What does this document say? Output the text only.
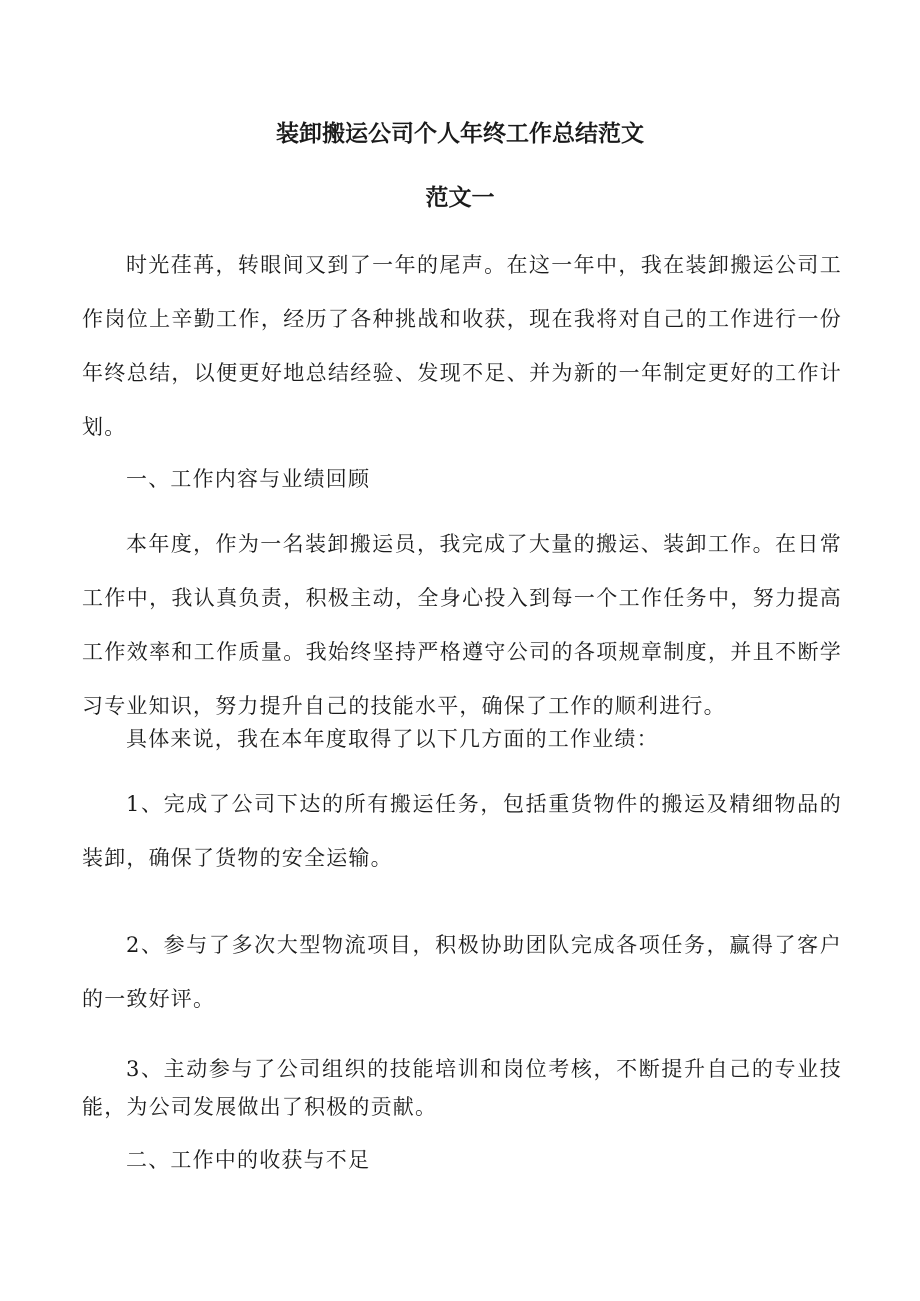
装卸搬运公司个人年终工作总结范文
范文一

时光荏苒，转眼间又到了一年的尾声。在这一年中，我在装卸搬运公司工作岗位上辛勤工作，经历了各种挑战和收获，现在我将对自己的工作进行一份年终总结，以便更好地总结经验、发现不足、并为新的一年制定更好的工作计划。

一、工作内容与业绩回顾

本年度，作为一名装卸搬运员，我完成了大量的搬运、装卸工作。在日常工作中，我认真负责，积极主动，全身心投入到每一个工作任务中，努力提高工作效率和工作质量。我始终坚持严格遵守公司的各项规章制度，并且不断学习专业知识，努力提升自己的技能水平，确保了工作的顺利进行。

具体来说，我在本年度取得了以下几方面的工作业绩：

1、完成了公司下达的所有搬运任务，包括重货物件的搬运及精细物品的装卸，确保了货物的安全运输。

2、参与了多次大型物流项目，积极协助团队完成各项任务，赢得了客户的一致好评。

3、主动参与了公司组织的技能培训和岗位考核，不断提升自己的专业技能，为公司发展做出了积极的贡献。

二、工作中的收获与不足
